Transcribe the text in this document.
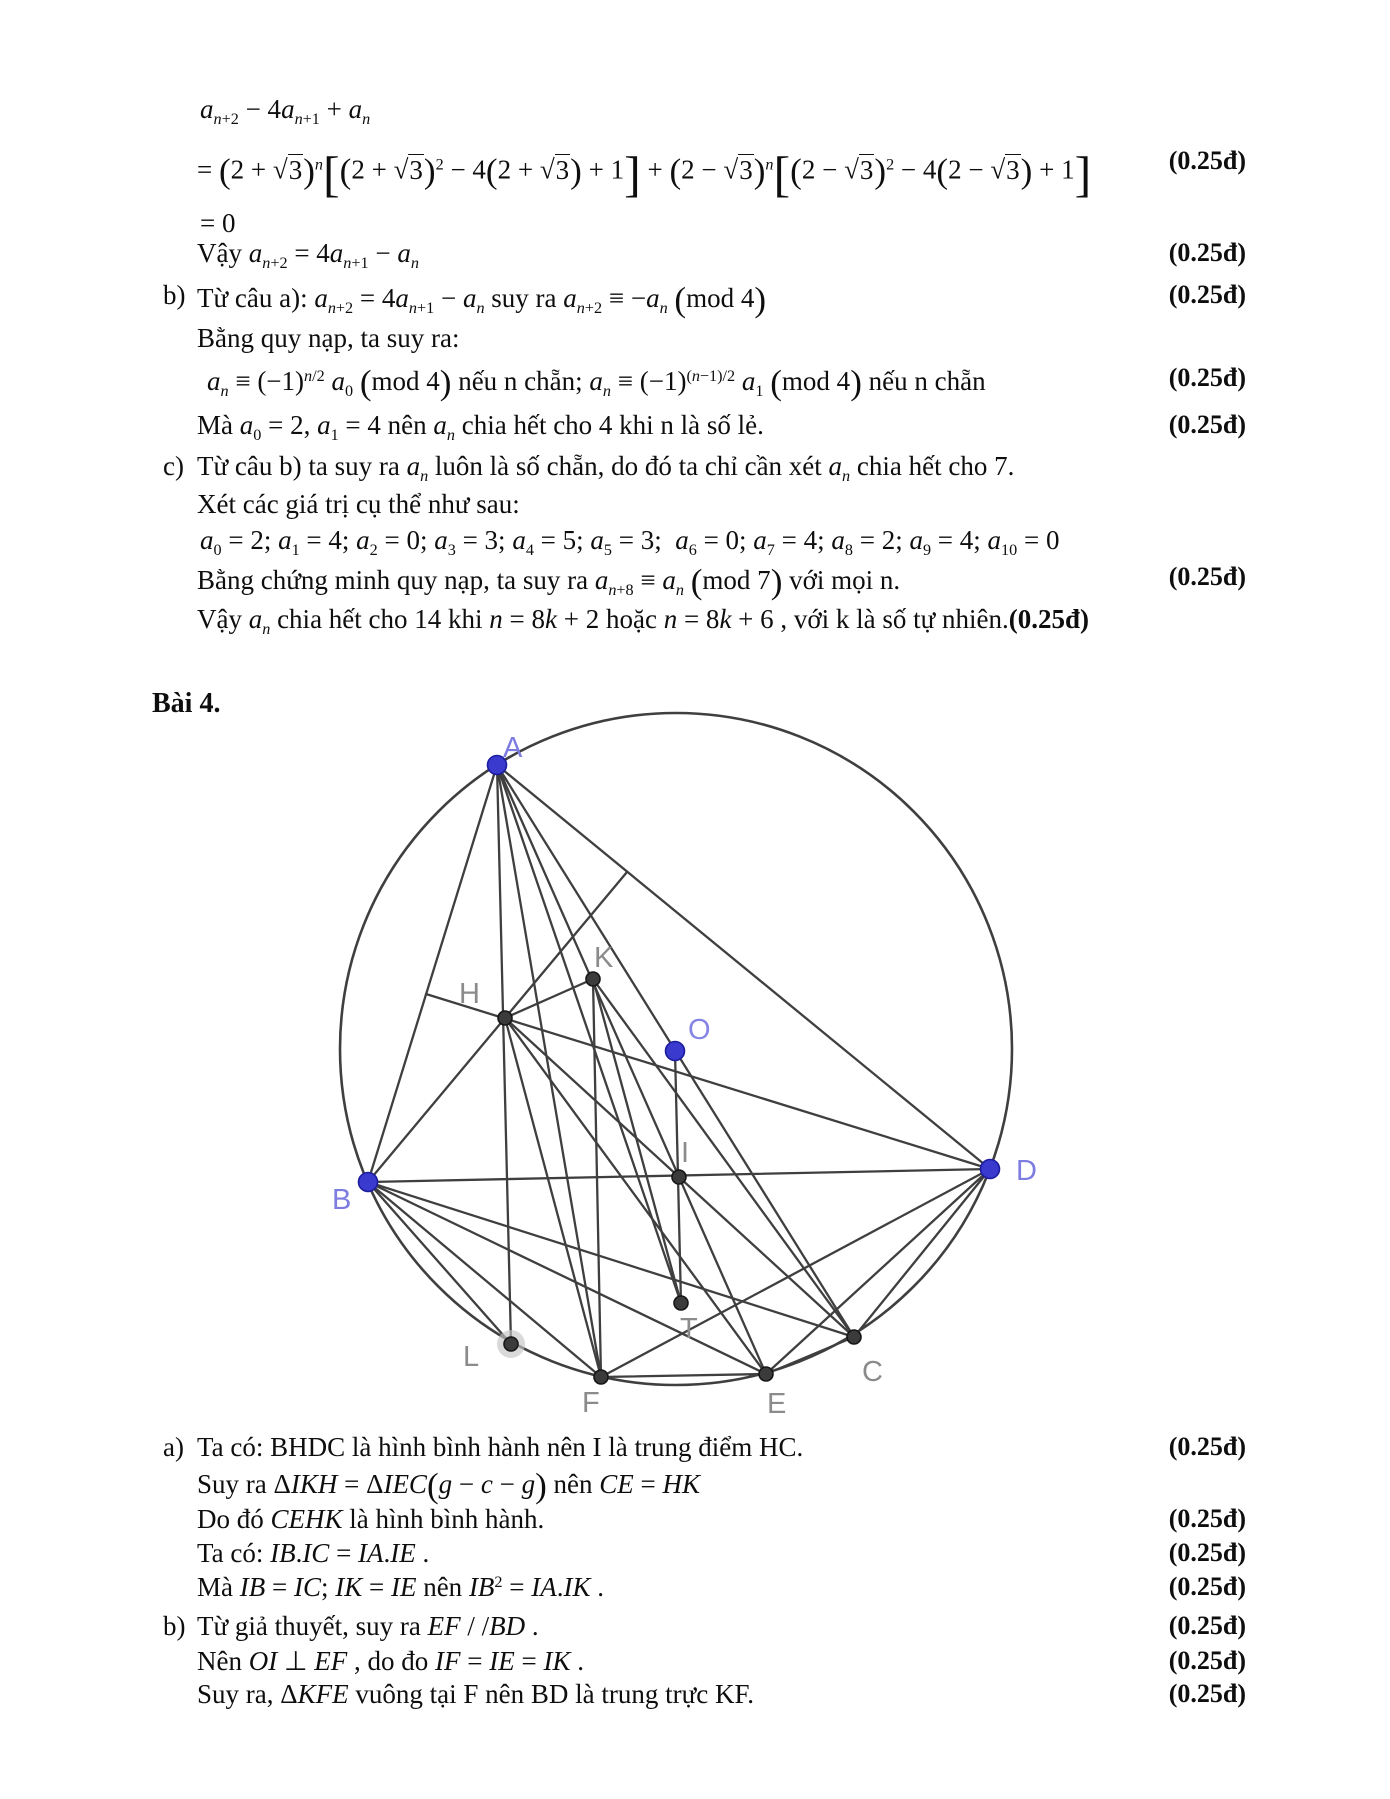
$a_{n+2} - 4a_{n+1} + a_n$
= $(2 + √3)^n[(2 + √3)^2 - 4(2 + √3) + 1] + (2 - √3)^n[(2 - √3)^2 - 4(2 - √3) + 1]$	(0.25đ)
= 0
Vậy $a_{n+2} = 4a_{n+1} - a_n$	(0.25đ)
b) Từ câu a): $a_{n+2} = 4a_{n+1} - a_n$ suy ra $a_{n+2} \equiv -a_n$ (mod 4)	(0.25đ)
Bằng quy nạp, ta suy ra:
$a_n \equiv (-1)^{n/2}$ $a_0$ (mod 4) nếu n chẵn; $a_n \equiv (-1)^{(n-1)/2}$ $a_1$ (mod 4) nếu n chẵn	(0.25đ)
Mà $a_0 = 2$, $a_1 = 4$ nên $a_n$ chia hết cho 4 khi n là số lẻ.	(0.25đ)
c) Từ câu b) ta suy ra $a_n$ luôn là số chẵn, do đó ta chỉ cần xét $a_n$ chia hết cho 7.
Xét các giá trị cụ thể như sau:
$a_0 = 2$; $a_1 = 4$; $a_2 = 0$; $a_3 = 3$; $a_4 = 5$; $a_5 = 3$;  $a_6 = 0$; $a_7 = 4$; $a_8 = 2$; $a_9 = 4$; $a_{10} = 0$
Bằng chứng minh quy nạp, ta suy ra $a_{n+8} \equiv a_n$ (mod 7) với mọi n.	(0.25đ)
Vậy $a_n$ chia hết cho 14 khi n = 8k + 2 hoặc n = 8k + 6 , với k là số tự nhiên.(0.25đ)
Bài 4.
A
B
C
D
E
F
H
I
K
L
O
T
a) Ta có: BHDC là hình bình hành nên I là trung điểm HC.	(0.25đ)
Suy ra ΔIKH = ΔIEC(g − c − g) nên CE = HK
Do đó CEHK là hình bình hành.	(0.25đ)
Ta có: IB.IC = IA.IE .	(0.25đ)
Mà IB = IC; IK = IE nên $IB^2 = IA.IK$ .	(0.25đ)
b) Từ giả thuyết, suy ra EF / /BD .	(0.25đ)
Nên OI ⊥ EF , do đo IF = IE = IK .	(0.25đ)
Suy ra, ΔKFE vuông tại F nên BD là trung trực KF.	(0.25đ)
